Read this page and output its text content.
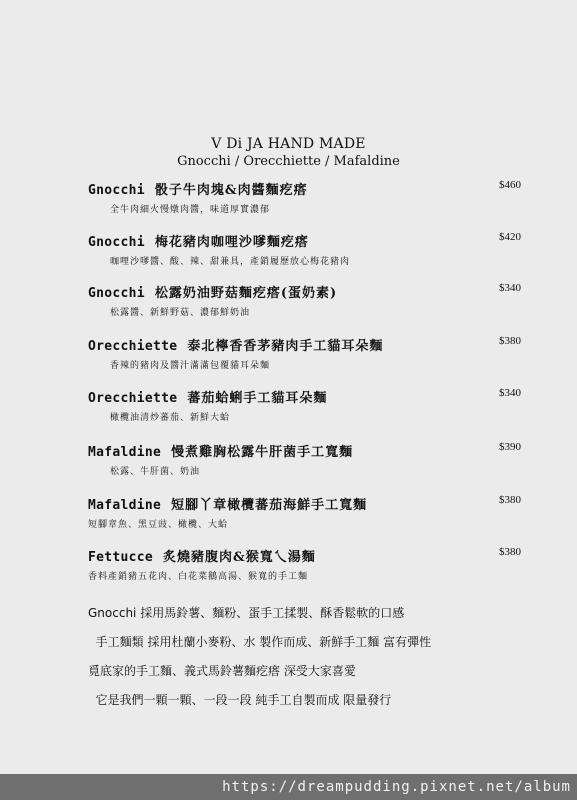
V Di JA HAND MADE
Gnocchi / Orecchiette / Mafaldine
Gnocchi 骰子牛肉塊&肉醬麵疙瘩
全牛肉細火慢燉肉醬，味道厚實濃郁
$460
Gnocchi 梅花豬肉咖哩沙嗲麵疙瘩
咖哩沙嗲醬、酸、辣、甜兼具，產銷履歷放心梅花豬肉
$420
Gnocchi 松露奶油野菇麵疙瘩(蛋奶素)
松露醬、新鮮野菇、濃郁鮮奶油
$340
Orecchiette 泰北檸香香茅豬肉手工貓耳朵麵
香辣的豬肉及醬汁滿滿包覆貓耳朵麵
$380
Orecchiette 蕃茄蛤蜊手工貓耳朵麵
橄欖油清炒蕃茄、新鮮大蛤
$340
Mafaldine 慢煮雞胸松露牛肝菌手工寬麵
松露、牛肝菌、奶油
$390
Mafaldine 短腳丫章橄欖蕃茄海鮮手工寬麵
短腳章魚、黑豆豉、橄欖、大蛤
$380
Fettucce 炙燒豬腹肉&猴寬乀湯麵
香料產銷豬五花肉、白花菜鵝高湯、猴寬的手工麵
$380
Gnocchi 採用馬鈴薯、麵粉、蛋手工揉製、酥香鬆軟的口感
手工麵類 採用杜蘭小麥粉、水 製作而成、新鮮手工麵 富有彈性
覓底家的手工麵、義式馬鈴薯麵疙瘩 深受大家喜愛
它是我們一顆一顆、一段一段 純手工自製而成 限量發行
https://dreampudding.pixnet.net/album
